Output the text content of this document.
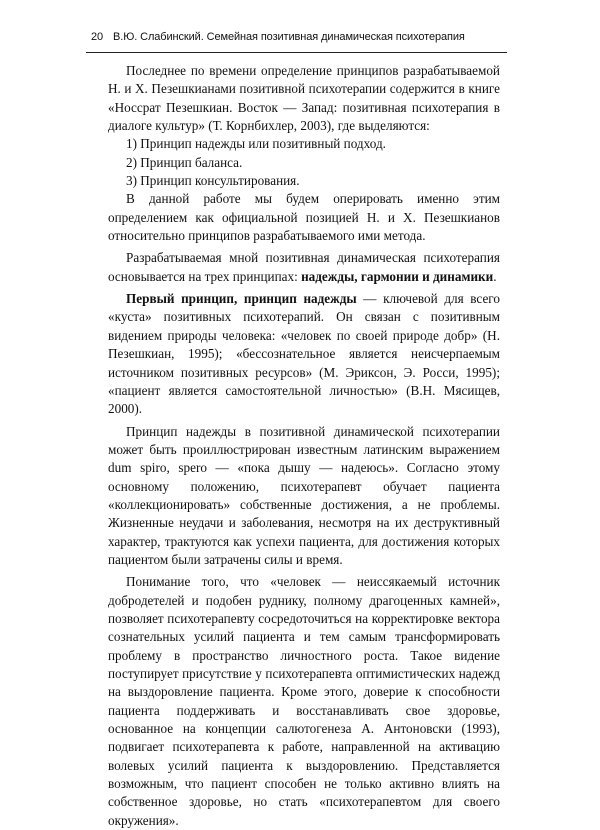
20 В.Ю. Слабинский. Семейная позитивная динамическая психотерапия

Последнее по времени определение принципов разрабатываемой Н. и Х. Пезешкианами позитивной психотерапии содержится в книге «Носсрат Пезешкиан. Восток — Запад: позитивная психотерапия в диалоге культур» (Т. Корнбихлер, 2003), где выделяются:

1) Принцип надежды или позитивный подход.

2) Принцип баланса.

3) Принцип консультирования.

В данной работе мы будем оперировать именно этим определением как официальной позицией Н. и Х. Пезешкианов относительно принципов разрабатываемого ими метода.

Разрабатываемая мной позитивная динамическая психотерапия основывается на трех принципах: надежды, гармонии и динамики.

Первый принцип, принцип надежды — ключевой для всего «куста» позитивных психотерапий. Он связан с позитивным видением природы человека: «человек по своей природе добр» (Н. Пезешкиан, 1995); «бессознательное является неисчерпаемым источником позитивных ресурсов» (М. Эриксон, Э. Росси, 1995); «пациент является самостоятельной личностью» (В.Н. Мясищев, 2000).

Принцип надежды в позитивной динамической психотерапии может быть проиллюстрирован известным латинским выражением dum spiro, spero — «пока дышу — надеюсь». Согласно этому основному положению, психотерапевт обучает пациента «коллекционировать» собственные достижения, а не проблемы. Жизненные неудачи и заболевания, несмотря на их деструктивный характер, трактуются как успехи пациента, для достижения которых пациентом были затрачены силы и время.

Понимание того, что «человек — неиссякаемый источник добродетелей и подобен руднику, полному драгоценных камней», позволяет психотерапевту сосредоточиться на корректировке вектора сознательных усилий пациента и тем самым трансформировать проблему в пространство личностного роста. Такое видение поступирует присутствие у психотерапевта оптимистических надежд на выздоровление пациента. Кроме этого, доверие к способности пациента поддерживать и восстанавливать свое здоровье, основанное на концепции салютогенеза А. Антоновски (1993), подвигает психотерапевта к работе, направленной на активацию волевых усилий пациента к выздоровлению. Представляется возможным, что пациент способен не только активно влиять на собственное здоровье, но стать «психотерапевтом для своего окружения».
